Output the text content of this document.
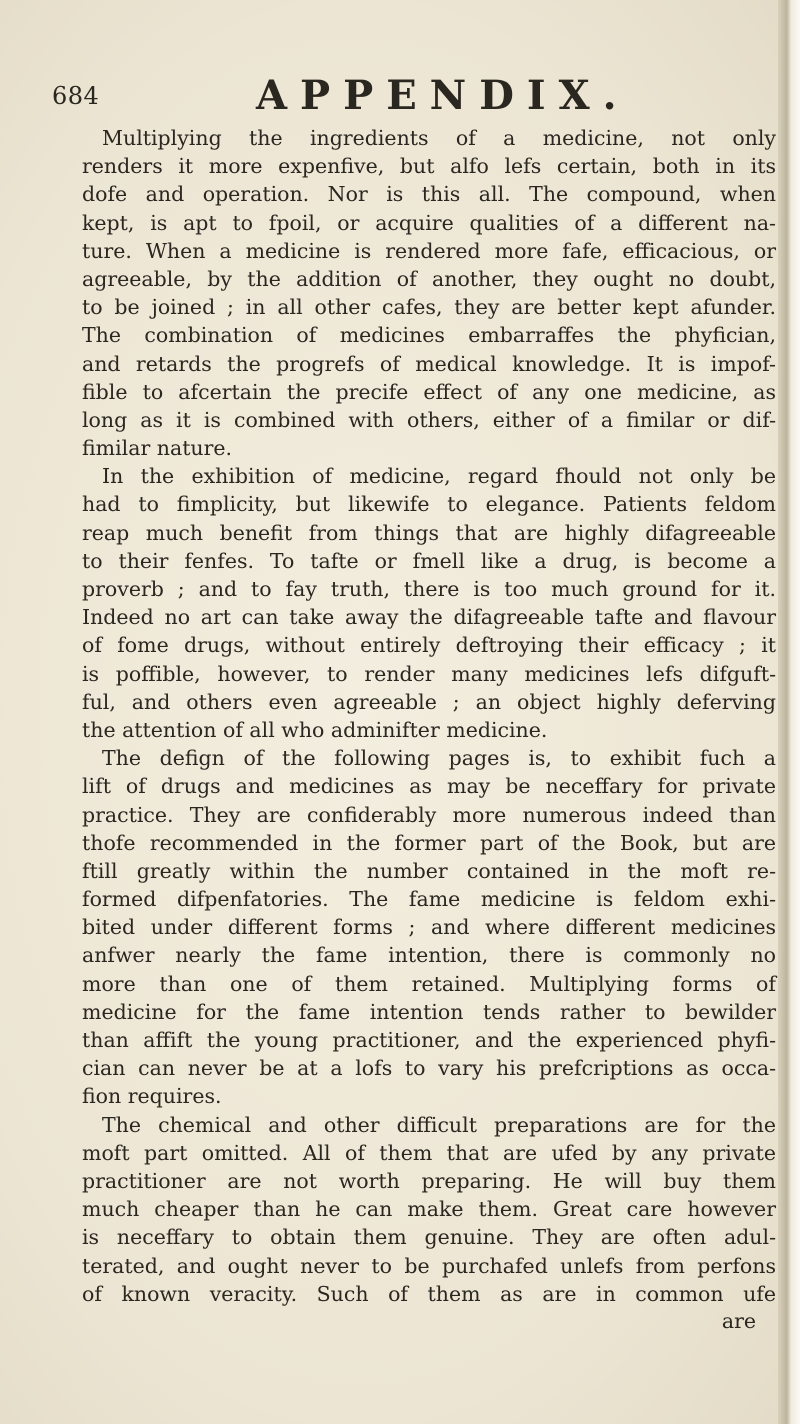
684	APPENDIX.
Multiplying the ingredients of a medicine, not only
renders it more expenfive, but alfo lefs certain, both in its
dofe and operation. Nor is this all. The compound, when
kept, is apt to fpoil, or acquire qualities of a different na-
ture. When a medicine is rendered more fafe, efficacious, or
agreeable, by the addition of another, they ought no doubt,
to be joined ; in all other cafes, they are better kept afunder.
The combination of medicines embarraffes the phyfician,
and retards the progrefs of medical knowledge. It is impof-
fible to afcertain the precife effect of any one medicine, as
long as it is combined with others, either of a fimilar or dif-
fimilar nature.
In the exhibition of medicine, regard fhould not only be
had to fimplicity, but likewife to elegance. Patients feldom
reap much benefit from things that are highly difagreeable
to their fenfes. To tafte or fmell like a drug, is become a
proverb ; and to fay truth, there is too much ground for it.
Indeed no art can take away the difagreeable tafte and flavour
of fome drugs, without entirely deftroying their efficacy ; it
is poffible, however, to render many medicines lefs difguft-
ful, and others even agreeable ; an object highly deferving
the attention of all who adminifter medicine.
The defign of the following pages is, to exhibit fuch a
lift of drugs and medicines as may be neceffary for private
practice. They are confiderably more numerous indeed than
thofe recommended in the former part of the Book, but are
ftill greatly within the number contained in the moft re-
formed difpenfatories. The fame medicine is feldom exhi-
bited under different forms ; and where different medicines
anfwer nearly the fame intention, there is commonly no
more than one of them retained. Multiplying forms of
medicine for the fame intention tends rather to bewilder
than affift the young practitioner, and the experienced phyfi-
cian can never be at a lofs to vary his prefcriptions as occa-
fion requires.
The chemical and other difficult preparations are for the
moft part omitted. All of them that are ufed by any private
practitioner are not worth preparing. He will buy them
much cheaper than he can make them. Great care however
is neceffary to obtain them genuine. They are often adul-
terated, and ought never to be purchafed unlefs from perfons
of known veracity. Such of them as are in common ufe
are
